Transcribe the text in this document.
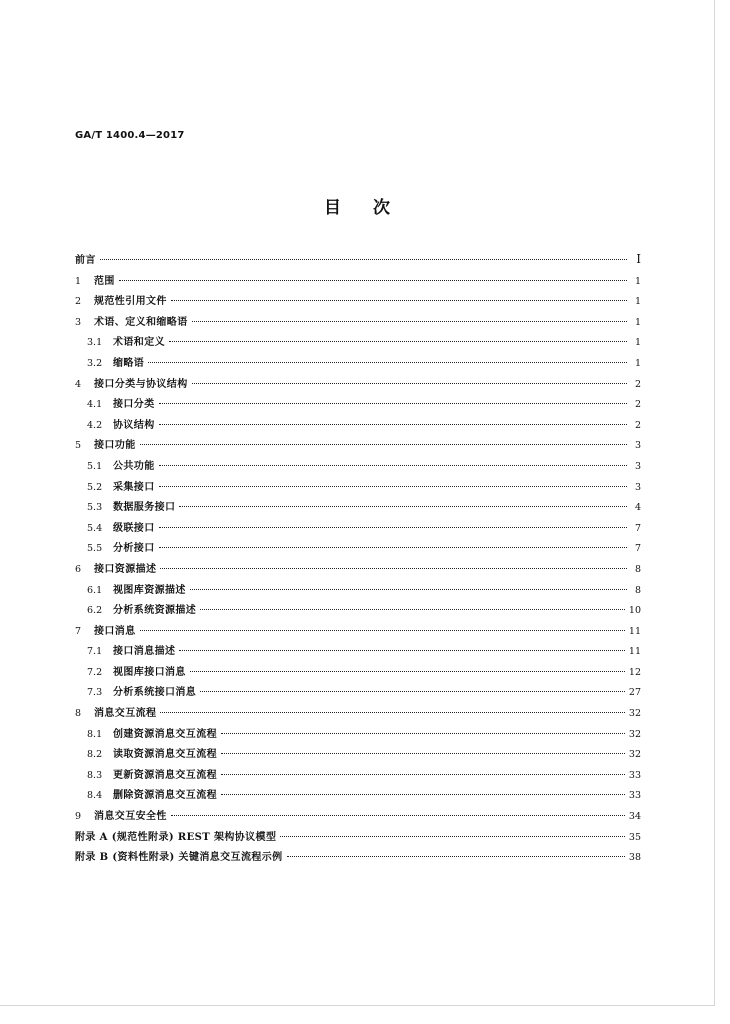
GA/T 1400.4—2017
目次
前言	I
1	范围	1
2	规范性引用文件	1
3	术语、定义和缩略语	1
3.1	术语和定义	1
3.2	缩略语	1
4	接口分类与协议结构	2
4.1	接口分类	2
4.2	协议结构	2
5	接口功能	3
5.1	公共功能	3
5.2	采集接口	3
5.3	数据服务接口	4
5.4	级联接口	7
5.5	分析接口	7
6	接口资源描述	8
6.1	视图库资源描述	8
6.2	分析系统资源描述	10
7	接口消息	11
7.1	接口消息描述	11
7.2	视图库接口消息	12
7.3	分析系统接口消息	27
8	消息交互流程	32
8.1	创建资源消息交互流程	32
8.2	读取资源消息交互流程	32
8.3	更新资源消息交互流程	33
8.4	删除资源消息交互流程	33
9	消息交互安全性	34
附录 A (规范性附录) REST 架构协议模型	35
附录 B (资料性附录) 关键消息交互流程示例	38
